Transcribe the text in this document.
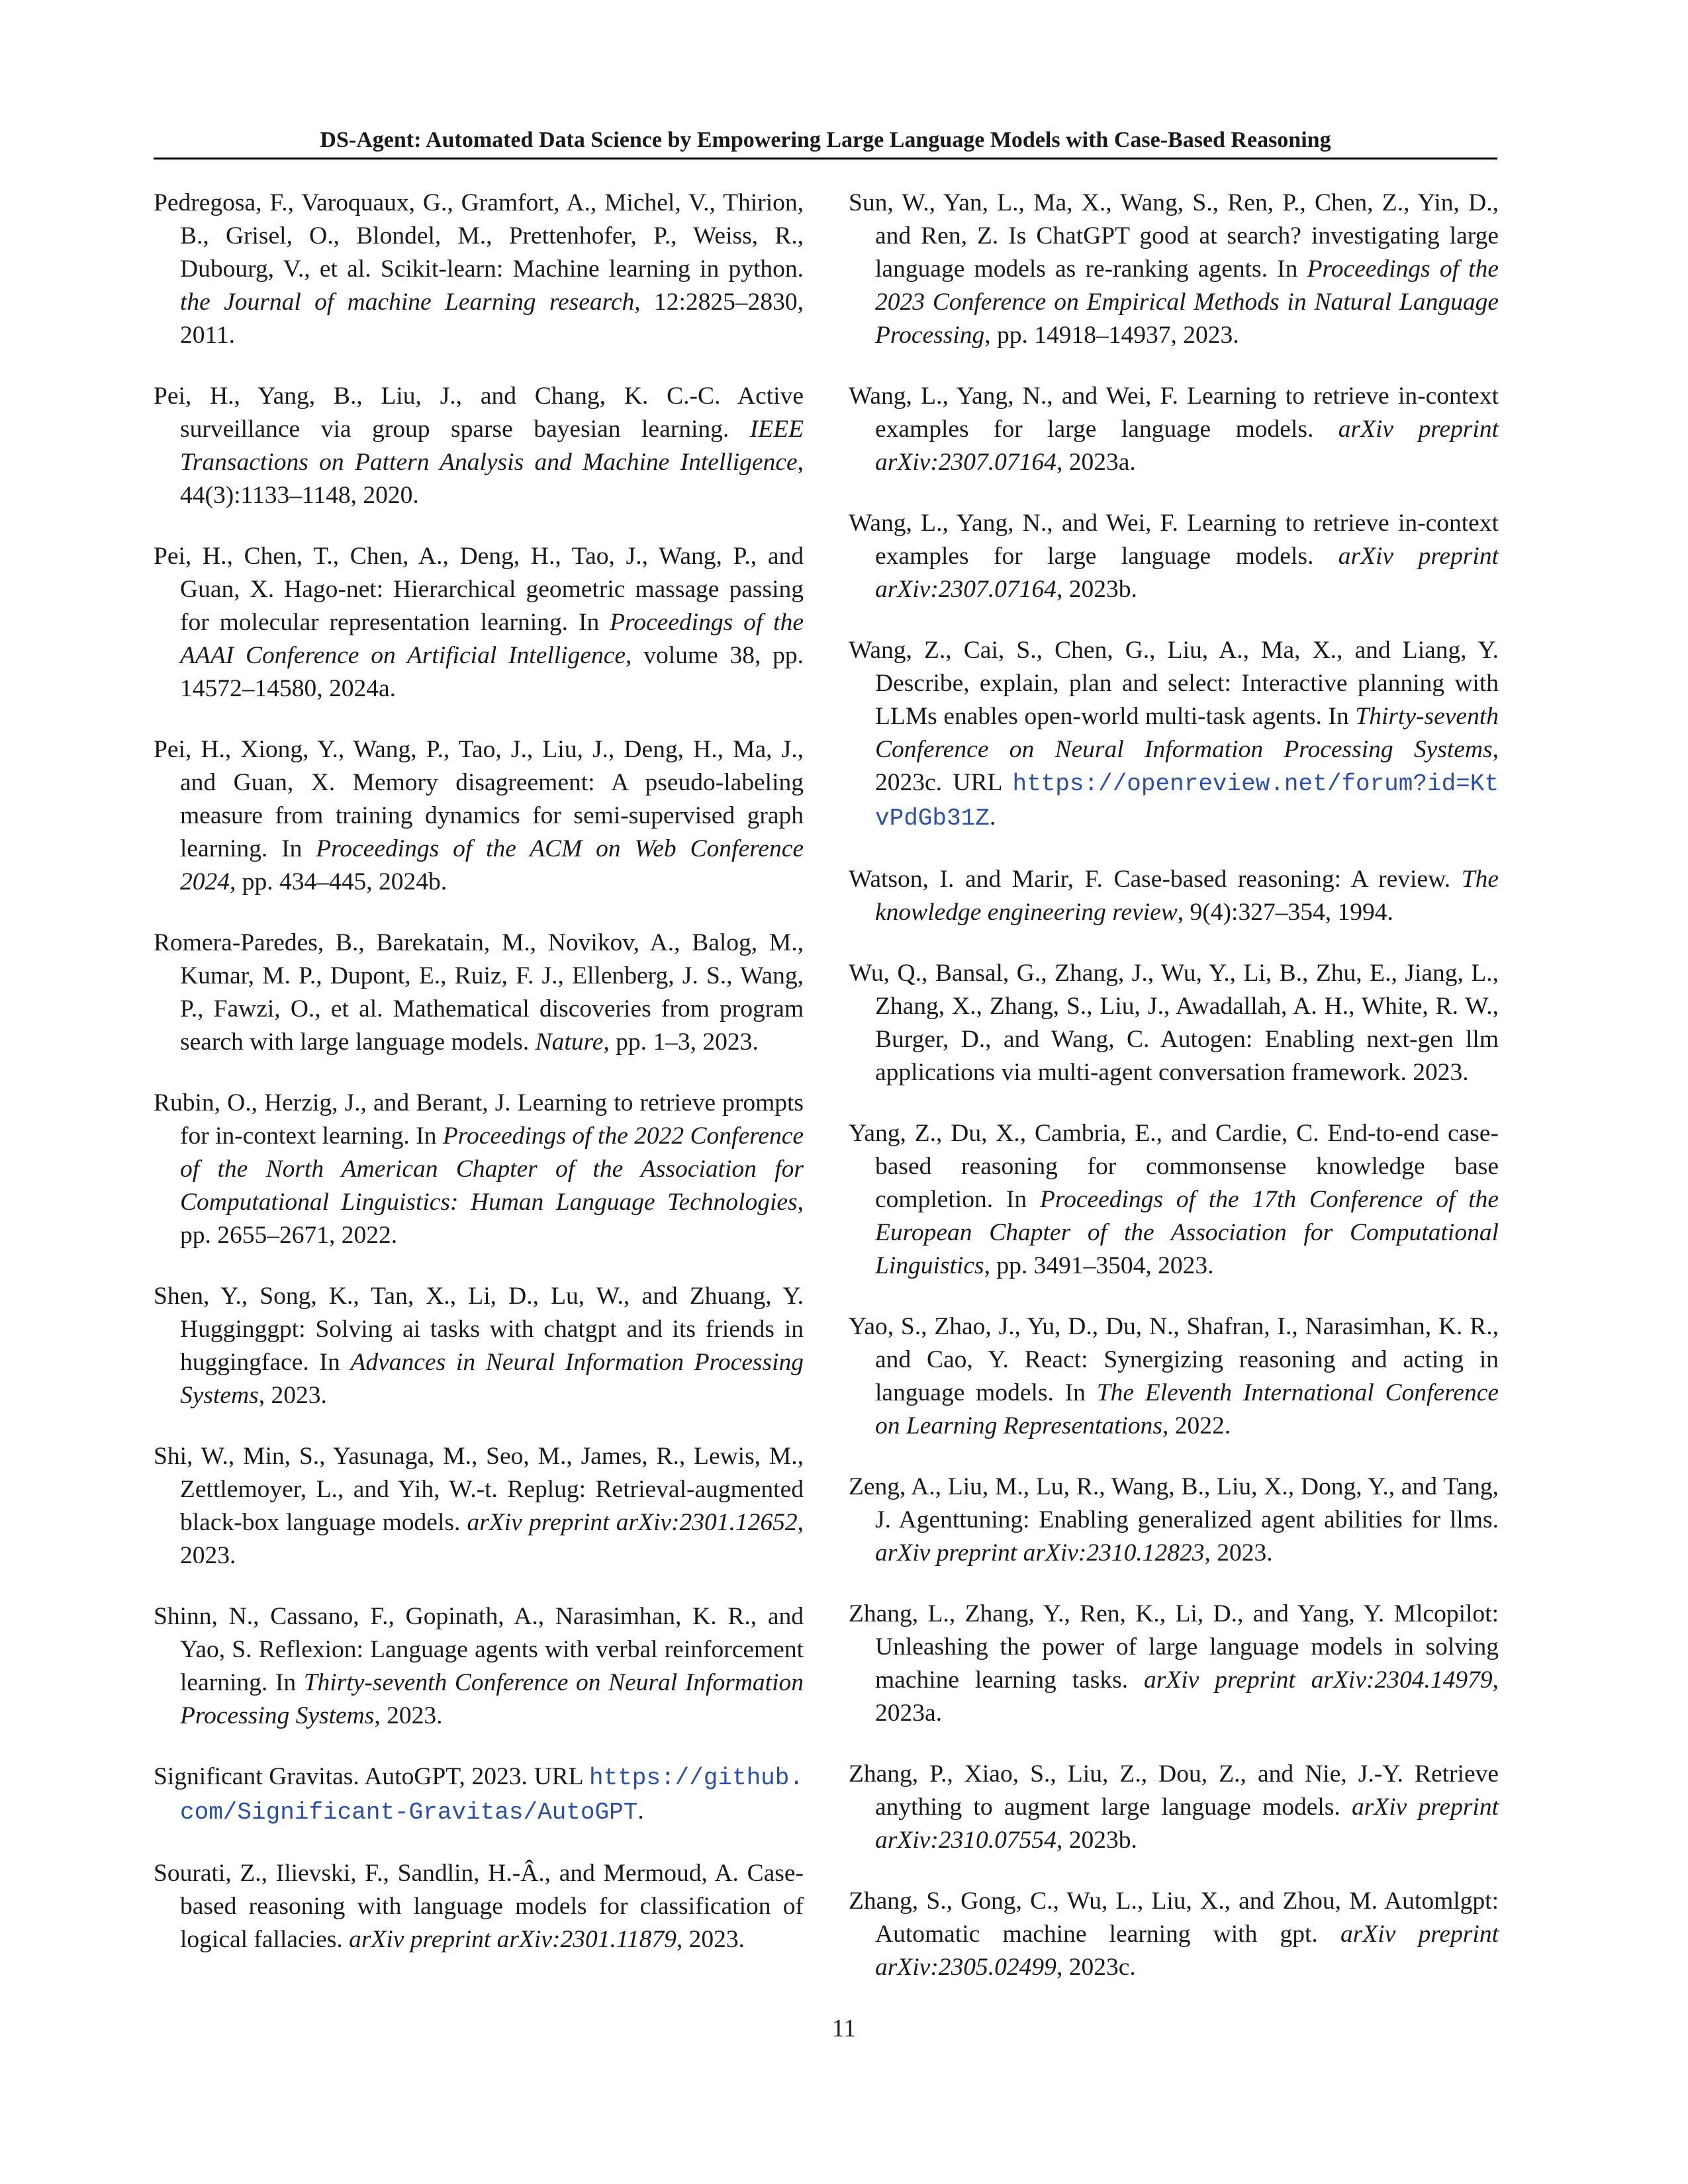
DS-Agent: Automated Data Science by Empowering Large Language Models with Case-Based Reasoning

Pedregosa, F., Varoquaux, G., Gramfort, A., Michel, V., Thirion, B., Grisel, O., Blondel, M., Prettenhofer, P., Weiss, R., Dubourg, V., et al. Scikit-learn: Machine learning in python. the Journal of machine Learning research, 12:2825–2830, 2011.

Pei, H., Yang, B., Liu, J., and Chang, K. C.-C. Active surveillance via group sparse bayesian learning. IEEE Transactions on Pattern Analysis and Machine Intelligence, 44(3):1133–1148, 2020.

Pei, H., Chen, T., Chen, A., Deng, H., Tao, J., Wang, P., and Guan, X. Hago-net: Hierarchical geometric massage passing for molecular representation learning. In Proceedings of the AAAI Conference on Artificial Intelligence, volume 38, pp. 14572–14580, 2024a.

Pei, H., Xiong, Y., Wang, P., Tao, J., Liu, J., Deng, H., Ma, J., and Guan, X. Memory disagreement: A pseudo-labeling measure from training dynamics for semi-supervised graph learning. In Proceedings of the ACM on Web Conference 2024, pp. 434–445, 2024b.

Romera-Paredes, B., Barekatain, M., Novikov, A., Balog, M., Kumar, M. P., Dupont, E., Ruiz, F. J., Ellenberg, J. S., Wang, P., Fawzi, O., et al. Mathematical discoveries from program search with large language models. Nature, pp. 1–3, 2023.

Rubin, O., Herzig, J., and Berant, J. Learning to retrieve prompts for in-context learning. In Proceedings of the 2022 Conference of the North American Chapter of the Association for Computational Linguistics: Human Language Technologies, pp. 2655–2671, 2022.

Shen, Y., Song, K., Tan, X., Li, D., Lu, W., and Zhuang, Y. Hugginggpt: Solving ai tasks with chatgpt and its friends in huggingface. In Advances in Neural Information Processing Systems, 2023.

Shi, W., Min, S., Yasunaga, M., Seo, M., James, R., Lewis, M., Zettlemoyer, L., and Yih, W.-t. Replug: Retrieval-augmented black-box language models. arXiv preprint arXiv:2301.12652, 2023.

Shinn, N., Cassano, F., Gopinath, A., Narasimhan, K. R., and Yao, S. Reflexion: Language agents with verbal reinforcement learning. In Thirty-seventh Conference on Neural Information Processing Systems, 2023.

Significant Gravitas. AutoGPT, 2023. URL https://github.com/Significant-Gravitas/AutoGPT.

Sourati, Z., Ilievski, F., Sandlin, H.-Â., and Mermoud, A. Case-based reasoning with language models for classification of logical fallacies. arXiv preprint arXiv:2301.11879, 2023.

Sun, W., Yan, L., Ma, X., Wang, S., Ren, P., Chen, Z., Yin, D., and Ren, Z. Is ChatGPT good at search? investigating large language models as re-ranking agents. In Proceedings of the 2023 Conference on Empirical Methods in Natural Language Processing, pp. 14918–14937, 2023.

Wang, L., Yang, N., and Wei, F. Learning to retrieve in-context examples for large language models. arXiv preprint arXiv:2307.07164, 2023a.

Wang, L., Yang, N., and Wei, F. Learning to retrieve in-context examples for large language models. arXiv preprint arXiv:2307.07164, 2023b.

Wang, Z., Cai, S., Chen, G., Liu, A., Ma, X., and Liang, Y. Describe, explain, plan and select: Interactive planning with LLMs enables open-world multi-task agents. In Thirty-seventh Conference on Neural Information Processing Systems, 2023c. URL https://openreview.net/forum?id=KtvPdGb31Z.

Watson, I. and Marir, F. Case-based reasoning: A review. The knowledge engineering review, 9(4):327–354, 1994.

Wu, Q., Bansal, G., Zhang, J., Wu, Y., Li, B., Zhu, E., Jiang, L., Zhang, X., Zhang, S., Liu, J., Awadallah, A. H., White, R. W., Burger, D., and Wang, C. Autogen: Enabling next-gen llm applications via multi-agent conversation framework. 2023.

Yang, Z., Du, X., Cambria, E., and Cardie, C. End-to-end case-based reasoning for commonsense knowledge base completion. In Proceedings of the 17th Conference of the European Chapter of the Association for Computational Linguistics, pp. 3491–3504, 2023.

Yao, S., Zhao, J., Yu, D., Du, N., Shafran, I., Narasimhan, K. R., and Cao, Y. React: Synergizing reasoning and acting in language models. In The Eleventh International Conference on Learning Representations, 2022.

Zeng, A., Liu, M., Lu, R., Wang, B., Liu, X., Dong, Y., and Tang, J. Agenttuning: Enabling generalized agent abilities for llms. arXiv preprint arXiv:2310.12823, 2023.

Zhang, L., Zhang, Y., Ren, K., Li, D., and Yang, Y. Mlcopilot: Unleashing the power of large language models in solving machine learning tasks. arXiv preprint arXiv:2304.14979, 2023a.

Zhang, P., Xiao, S., Liu, Z., Dou, Z., and Nie, J.-Y. Retrieve anything to augment large language models. arXiv preprint arXiv:2310.07554, 2023b.

Zhang, S., Gong, C., Wu, L., Liu, X., and Zhou, M. Automlgpt: Automatic machine learning with gpt. arXiv preprint arXiv:2305.02499, 2023c.

11
